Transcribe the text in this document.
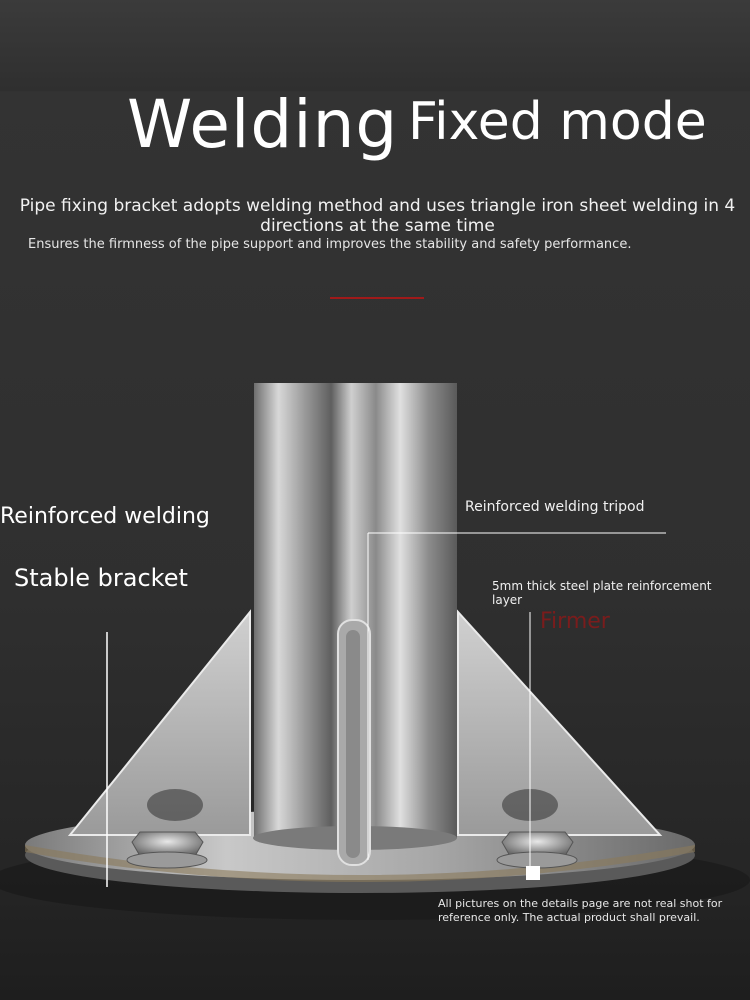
Welding Fixed mode
Pipe fixing bracket adopts welding method and uses triangle iron sheet welding in 4 directions at the same time
Ensures the firmness of the pipe support and improves the stability and safety performance.
Reinforced welding
Stable bracket
Reinforced welding tripod
5mm thick steel plate reinforcement layer
Firmer
All pictures on the details page are not real shot for reference only. The actual product shall prevail.
